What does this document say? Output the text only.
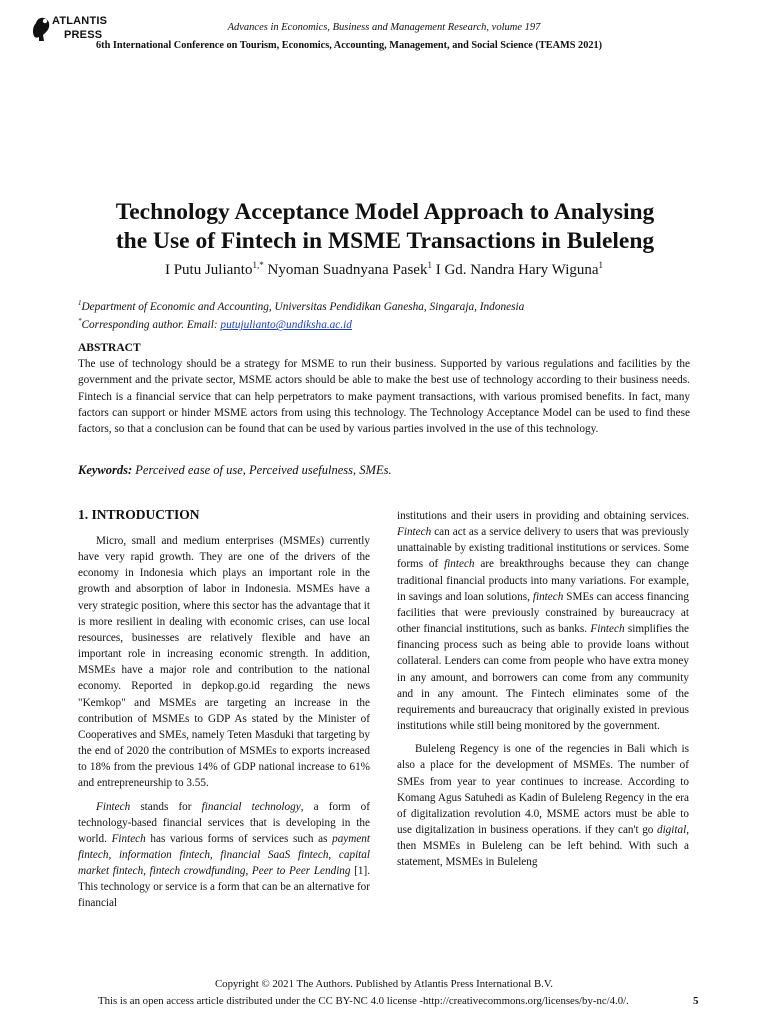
ATLANTIS
PRESS
Advances in Economics, Business and Management Research, volume 197
6th International Conference on Tourism, Economics, Accounting, Management, and Social Science (TEAMS 2021)
Technology Acceptance Model Approach to Analysing
the Use of Fintech in MSME Transactions in Buleleng
I Putu Julianto$^{1,*}$ Nyoman Suadnyana Pasek$^1$ I Gd. Nandra Hary Wiguna$^1$
$^1$Department of Economic and Accounting, Universitas Pendidikan Ganesha, Singaraja, Indonesia
*Corresponding author. Email: putujulianto@undiksha.ac.id
ABSTRACT
The use of technology should be a strategy for MSME to run their business. Supported by various regulations and facilities by the government and the private sector, MSME actors should be able to make the best use of technology according to their business needs. Fintech is a financial service that can help perpetrators to make payment transactions, with various promised benefits. In fact, many factors can support or hinder MSME actors from using this technology. The Technology Acceptance Model can be used to find these factors, so that a conclusion can be found that can be used by various parties involved in the use of this technology.
Keywords: Perceived ease of use, Perceived usefulness, SMEs.
1. INTRODUCTION

Micro, small and medium enterprises (MSMEs) currently have very rapid growth. They are one of the drivers of the economy in Indonesia which plays an important role in the growth and absorption of labor in Indonesia. MSMEs have a very strategic position, where this sector has the advantage that it is more resilient in dealing with economic crises, can use local resources, businesses are relatively flexible and have an important role in increasing economic strength. In addition, MSMEs have a major role and contribution to the national economy. Reported in depkop.go.id regarding the news "Kemkop" and MSMEs are targeting an increase in the contribution of MSMEs to GDP As stated by the Minister of Cooperatives and SMEs, namely Teten Masduki that targeting by the end of 2020 the contribution of MSMEs to exports increased to 18% from the previous 14% of GDP national increase to 61% and entrepreneurship to 3.55.

Fintech stands for financial technology, a form of technology-based financial services that is developing in the world. Fintech has various forms of services such as payment fintech, information fintech, financial SaaS fintech, capital market fintech, fintech crowdfunding, Peer to Peer Lending [1]. This technology or service is a form that can be an alternative for financial

institutions and their users in providing and obtaining services. Fintech can act as a service delivery to users that was previously unattainable by existing traditional institutions or services. Some forms of fintech are breakthroughs because they can change traditional financial products into many variations. For example, in savings and loan solutions, fintech SMEs can access financing facilities that were previously constrained by bureaucracy at other financial institutions, such as banks. Fintech simplifies the financing process such as being able to provide loans without collateral. Lenders can come from people who have extra money in any amount, and borrowers can come from any community and in any amount. The Fintech eliminates some of the requirements and bureaucracy that originally existed in previous institutions while still being monitored by the government.

Buleleng Regency is one of the regencies in Bali which is also a place for the development of MSMEs. The number of SMEs from year to year continues to increase. According to Komang Agus Satuhedi as Kadin of Buleleng Regency in the era of digitalization revolution 4.0, MSME actors must be able to use digitalization in business operations. if they can't go digital, then MSMEs in Buleleng can be left behind. With such a statement, MSMEs in Buleleng

Copyright © 2021 The Authors. Published by Atlantis Press International B.V.
This is an open access article distributed under the CC BY-NC 4.0 license -http://creativecommons.org/licenses/by-nc/4.0/.	5
